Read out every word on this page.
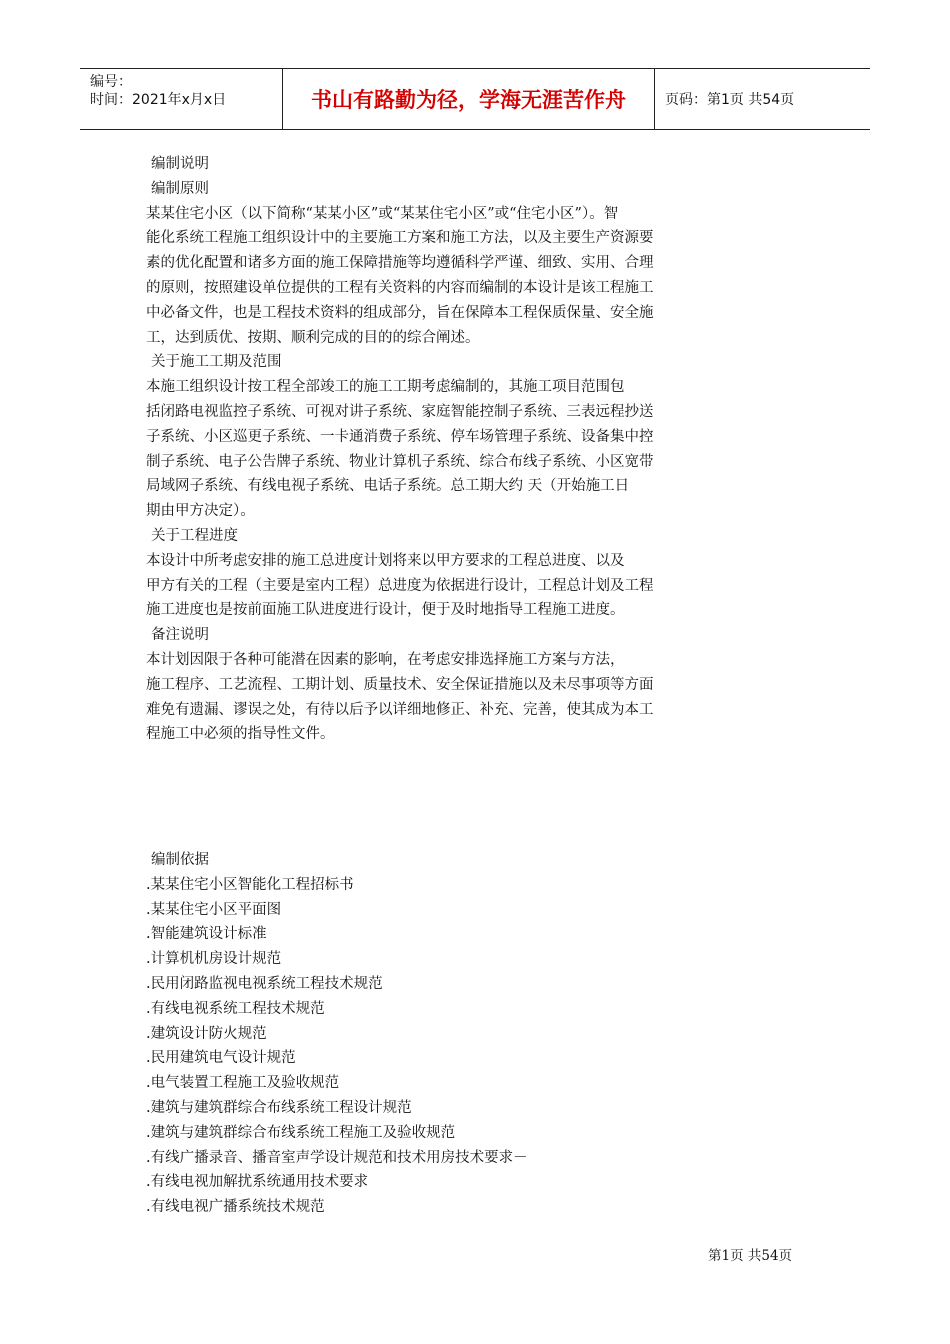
编号：
时间：2021年x月x日	书山有路勤为径，学海无涯苦作舟	页码：第1页 共54页
编制说明
编制原则
某某住宅小区（以下简称“某某小区”或“某某住宅小区”或“住宅小区”）。智
能化系统工程施工组织设计中的主要施工方案和施工方法，以及主要生产资源要
素的优化配置和诸多方面的施工保障措施等均遵循科学严谨、细致、实用、合理
的原则，按照建设单位提供的工程有关资料的内容而编制的本设计是该工程施工
中必备文件，也是工程技术资料的组成部分，旨在保障本工程保质保量、安全施
工，达到质优、按期、顺利完成的目的的综合阐述。
关于施工工期及范围
本施工组织设计按工程全部竣工的施工工期考虑编制的，其施工项目范围包
括闭路电视监控子系统、可视对讲子系统、家庭智能控制子系统、三表远程抄送
子系统、小区巡更子系统、一卡通消费子系统、停车场管理子系统、设备集中控
制子系统、电子公告牌子系统、物业计算机子系统、综合布线子系统、小区宽带
局域网子系统、有线电视子系统、电话子系统。总工期大约 天（开始施工日
期由甲方决定）。
关于工程进度
本设计中所考虑安排的施工总进度计划将来以甲方要求的工程总进度、以及
甲方有关的工程（主要是室内工程）总进度为依据进行设计，工程总计划及工程
施工进度也是按前面施工队进度进行设计，便于及时地指导工程施工进度。
备注说明
本计划因限于各种可能潜在因素的影响，在考虑安排选择施工方案与方法，
施工程序、工艺流程、工期计划、质量技术、安全保证措施以及未尽事项等方面
难免有遗漏、谬误之处，有待以后予以详细地修正、补充、完善，使其成为本工
程施工中必须的指导性文件。
编制依据
.某某住宅小区智能化工程招标书
.某某住宅小区平面图
.智能建筑设计标准
.计算机机房设计规范
.民用闭路监视电视系统工程技术规范
.有线电视系统工程技术规范
.建筑设计防火规范
.民用建筑电气设计规范
.电气装置工程施工及验收规范
.建筑与建筑群综合布线系统工程设计规范
.建筑与建筑群综合布线系统工程施工及验收规范
.有线广播录音、播音室声学设计规范和技术用房技术要求－
.有线电视加解扰系统通用技术要求
.有线电视广播系统技术规范
第1页 共54页
